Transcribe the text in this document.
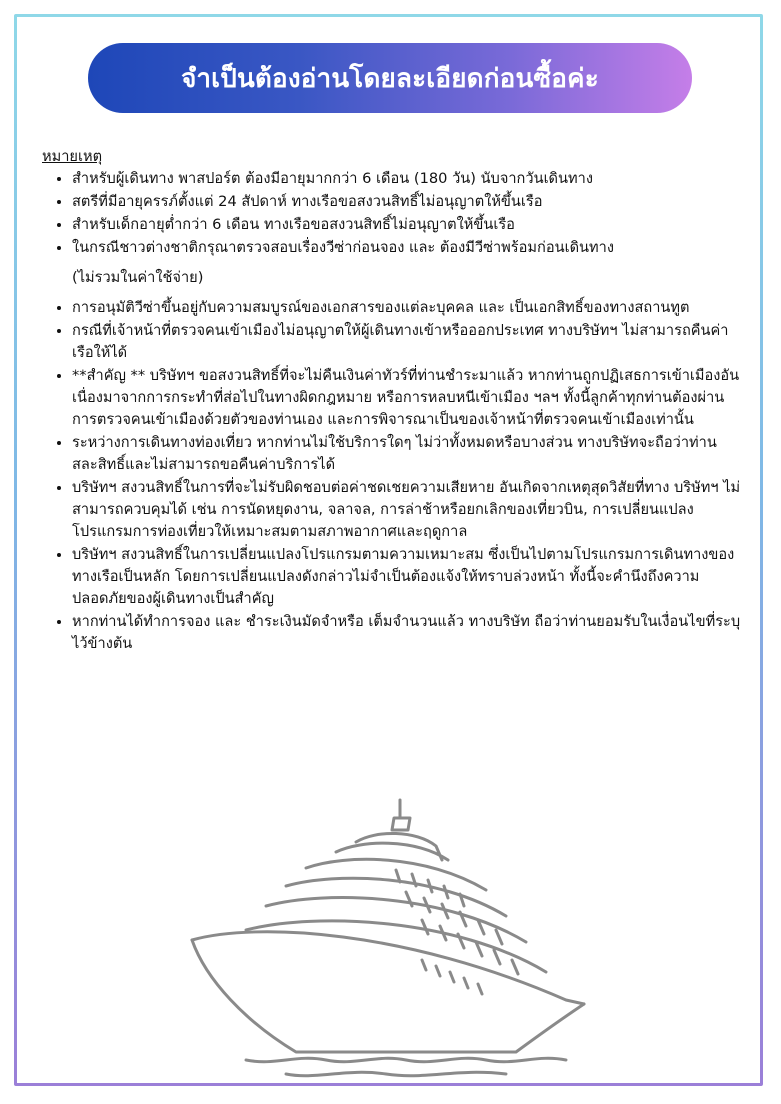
จำเป็นต้องอ่านโดยละเอียดก่อนซื้อค่ะ

หมายเหตุ

• สำหรับผู้เดินทาง พาสปอร์ต ต้องมีอายุมากกว่า 6 เดือน (180 วัน) นับจากวันเดินทาง
• สตรีที่มีอายุครรภ์ตั้งแต่ 24 สัปดาห์ ทางเรือขอสงวนสิทธิ์ไม่อนุญาตให้ขึ้นเรือ
• สำหรับเด็กอายุต่ำกว่า 6 เดือน ทางเรือขอสงวนสิทธิ์ไม่อนุญาตให้ขึ้นเรือ
• ในกรณีชาวต่างชาติกรุณาตรวจสอบเรื่องวีซ่าก่อนจอง และ ต้องมีวีซ่าพร้อมก่อนเดินทาง
(ไม่รวมในค่าใช้จ่าย)
• การอนุมัติวีซ่าขึ้นอยู่กับความสมบูรณ์ของเอกสารของแต่ละบุคคล และ เป็นเอกสิทธิ์ของทางสถานทูต
• กรณีที่เจ้าหน้าที่ตรวจคนเข้าเมืองไม่อนุญาตให้ผู้เดินทางเข้าหรือออกประเทศ ทางบริษัทฯ ไม่สามารถคืนค่าเรือให้ได้
• **สำคัญ ** บริษัทฯ ขอสงวนสิทธิ์ที่จะไม่คืนเงินค่าทัวร์ที่ท่านชำระมาแล้ว หากท่านถูกปฏิเสธการเข้าเมืองอันเนื่องมาจากการกระทำที่ส่อไปในทางผิดกฎหมาย หรือการหลบหนีเข้าเมือง ฯลฯ ทั้งนี้ลูกค้าทุกท่านต้องผ่านการตรวจคนเข้าเมืองด้วยตัวของท่านเอง และการพิจารณาเป็นของเจ้าหน้าที่ตรวจคนเข้าเมืองเท่านั้น
• ระหว่างการเดินทางท่องเที่ยว หากท่านไม่ใช้บริการใดๆ ไม่ว่าทั้งหมดหรือบางส่วน ทางบริษัทจะถือว่าท่านสละสิทธิ์และไม่สามารถขอคืนค่าบริการได้
• บริษัทฯ สงวนสิทธิ์ในการที่จะไม่รับผิดชอบต่อค่าชดเชยความเสียหาย อันเกิดจากเหตุสุดวิสัยที่ทาง บริษัทฯ ไม่สามารถควบคุมได้ เช่น การนัดหยุดงาน, จลาจล, การล่าช้าหรือยกเลิกของเที่ยวบิน, การเปลี่ยนแปลงโปรแกรมการท่องเที่ยวให้เหมาะสมตามสภาพอากาศและฤดูกาล
• บริษัทฯ สงวนสิทธิ์ในการเปลี่ยนแปลงโปรแกรมตามความเหมาะสม ซึ่งเป็นไปตามโปรแกรมการเดินทางของทางเรือเป็นหลัก โดยการเปลี่ยนแปลงดังกล่าวไม่จำเป็นต้องแจ้งให้ทราบล่วงหน้า ทั้งนี้จะคำนึงถึงความปลอดภัยของผู้เดินทางเป็นสำคัญ
• หากท่านได้ทำการจอง และ ชำระเงินมัดจำหรือ เต็มจำนวนแล้ว ทางบริษัท ถือว่าท่านยอมรับในเงื่อนไขที่ระบุไว้ข้างต้น
